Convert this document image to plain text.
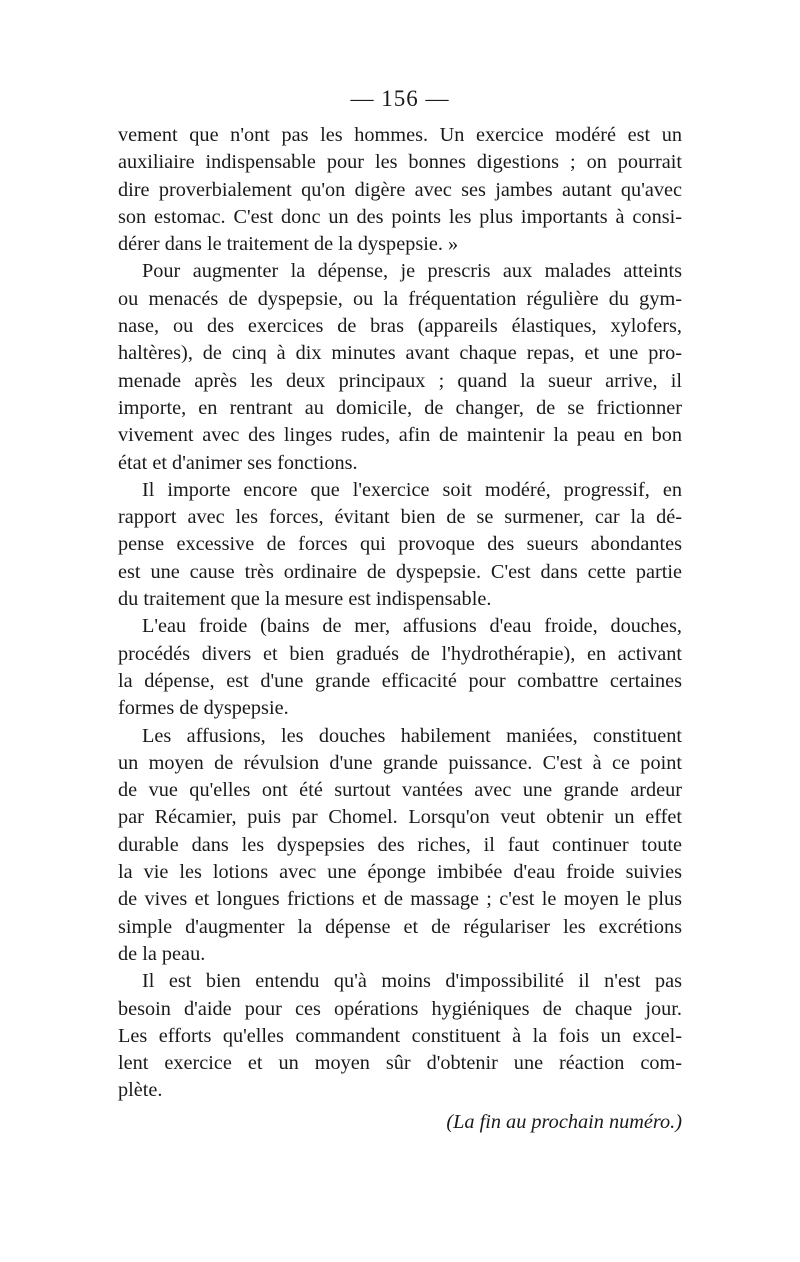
— 156 —

vement que n'ont pas les hommes. Un exercice modéré est un
auxiliaire indispensable pour les bonnes digestions ; on pourrait
dire proverbialement qu'on digère avec ses jambes autant qu'avec
son estomac. C'est donc un des points les plus importants à consi-
dérer dans le traitement de la dyspepsie. »

Pour augmenter la dépense, je prescris aux malades atteints
ou menacés de dyspepsie, ou la fréquentation régulière du gym-
nase, ou des exercices de bras (appareils élastiques, xylofers,
haltères), de cinq à dix minutes avant chaque repas, et une pro-
menade après les deux principaux ; quand la sueur arrive, il
importe, en rentrant au domicile, de changer, de se frictionner
vivement avec des linges rudes, afin de maintenir la peau en bon
état et d'animer ses fonctions.

Il importe encore que l'exercice soit modéré, progressif, en
rapport avec les forces, évitant bien de se surmener, car la dé-
pense excessive de forces qui provoque des sueurs abondantes
est une cause très ordinaire de dyspepsie. C'est dans cette partie
du traitement que la mesure est indispensable.

L'eau froide (bains de mer, affusions d'eau froide, douches,
procédés divers et bien gradués de l'hydrothérapie), en activant
la dépense, est d'une grande efficacité pour combattre certaines
formes de dyspepsie.

Les affusions, les douches habilement maniées, constituent
un moyen de révulsion d'une grande puissance. C'est à ce point
de vue qu'elles ont été surtout vantées avec une grande ardeur
par Récamier, puis par Chomel. Lorsqu'on veut obtenir un effet
durable dans les dyspepsies des riches, il faut continuer toute
la vie les lotions avec une éponge imbibée d'eau froide suivies
de vives et longues frictions et de massage ; c'est le moyen le plus
simple d'augmenter la dépense et de régulariser les excrétions
de la peau.

Il est bien entendu qu'à moins d'impossibilité il n'est pas
besoin d'aide pour ces opérations hygiéniques de chaque jour.
Les efforts qu'elles commandent constituent à la fois un excel-
lent exercice et un moyen sûr d'obtenir une réaction com-
plète.

(La fin au prochain numéro.)
